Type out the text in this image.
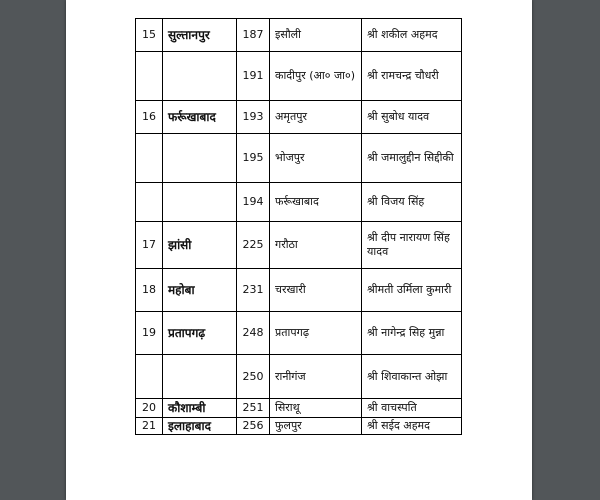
15	सुल्तानपुर	187	इसौली	श्री शकील अहमद
		191	कादीपुर (आ० जा०)	श्री रामचन्द्र चौधरी
16	फर्रूखाबाद	193	अमृतपुर	श्री सुबोध यादव
		195	भोजपुर	श्री जमालुद्दीन सिद्दीकी
		194	फर्रूखाबाद	श्री विजय सिंह
17	झांसी	225	गरौठा	श्री दीप नारायण सिंह यादव
18	महोबा	231	चरखारी	श्रीमती उर्मिला कुमारी
19	प्रतापगढ़	248	प्रतापगढ़	श्री नागेन्द्र सिह मुन्ना
		250	रानीगंज	श्री शिवाकान्त ओझा
20	कौशाम्बी	251	सिराथू	श्री वाचस्पति
21	इलाहाबाद	256	फुलपुर	श्री सईद अहमद
